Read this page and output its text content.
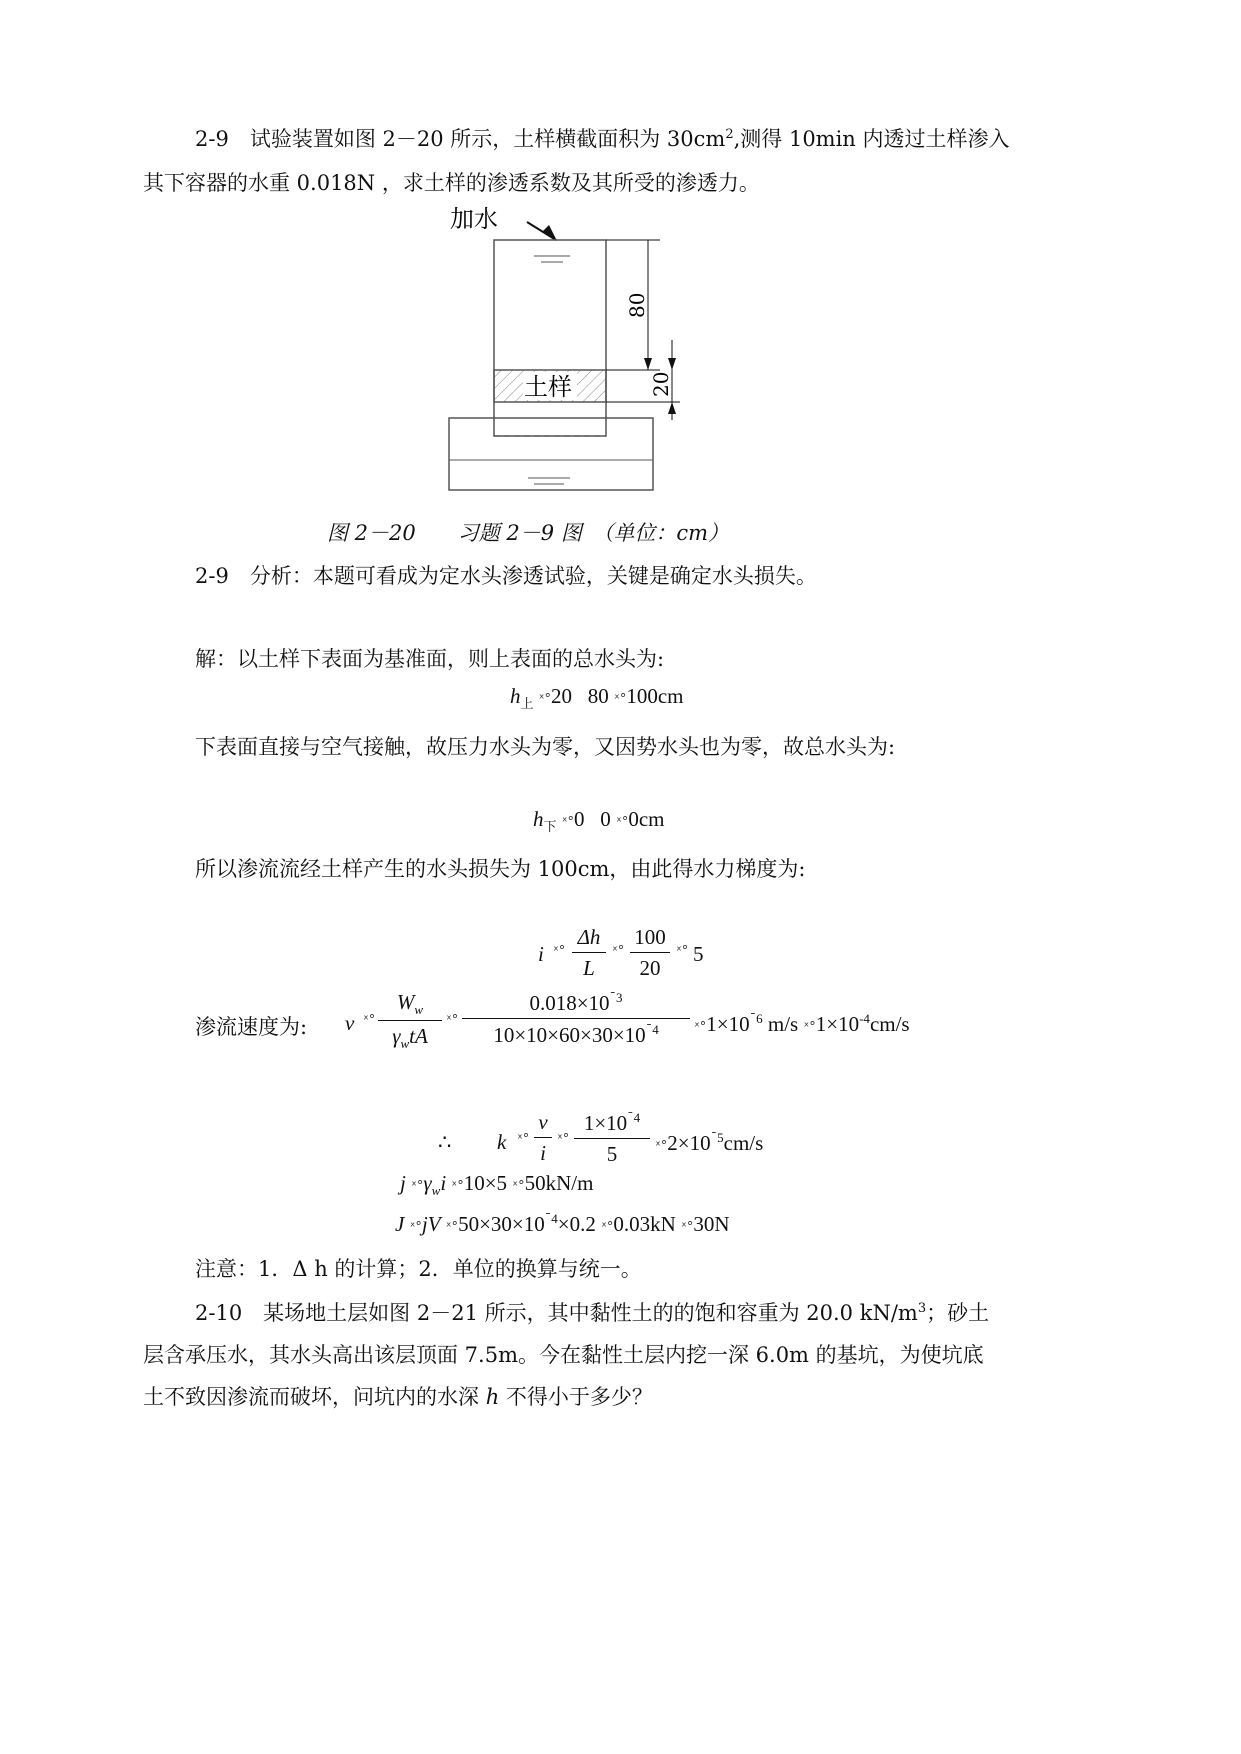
2-9　试验装置如图 2－20 所示，土样横截面积为 $30cm^2$,测得 10min 内透过土样渗入
其下容器的水重 0.018N ，求土样的渗透系数及其所受的渗透力。
加水
土样
80
20
图 2－20　　习题 2－9 图　（单位：cm）
2-9　分析：本题可看成为定水头渗透试验，关键是确定水头损失。
解：以土样下表面为基准面，则上表面的总水头为:
$h_上$ ˣ°20 80 ˣ°100cm
下表面直接与空气接触，故压力水头为零，又因势水头也为零，故总水头为:
$h_下$ ˣ°0 0 ˣ°0cm
所以渗流流经土样产生的水头损失为 100cm，由此得水力梯度为:
i ˣ°
Δh
L
ˣ°
100
20
ˣ° 5
渗流速度为: v ˣ°
$W_w$
$\gamma_wtA$
ˣ°
$0.018\times 10^{¯3}$
$10\times 10\times 60\times 30\times 10^{¯4}$	$ˣ^\circ 1\times 10^{¯6}$ m/s $ˣ^\circ 1\times 10^{-4}cm/s$
∴ k ˣ°
v
i
ˣ°
$1\times 10^{¯4}$
5	$ˣ^\circ 2\times 10^{¯5}cm/s$
j $ˣ^\circ\gamma_wi$ ˣ°10×5 ˣ°50kN/m
J ˣ°jV $ˣ^\circ 50\times 30\times 10^{¯4}\times 0.2$ ˣ°0.03kN ˣ°30N
注意：1．Δ h 的计算；2．单位的换算与统一。
2-10　某场地土层如图 2－21 所示，其中黏性土的的饱和容重为 20.0 $kN/m^3$；砂土
层含承压水，其水头高出该层顶面 7.5m。今在黏性土层内挖一深 6.0m 的基坑，为使坑底
土不致因渗流而破坏，问坑内的水深 h 不得小于多少？
